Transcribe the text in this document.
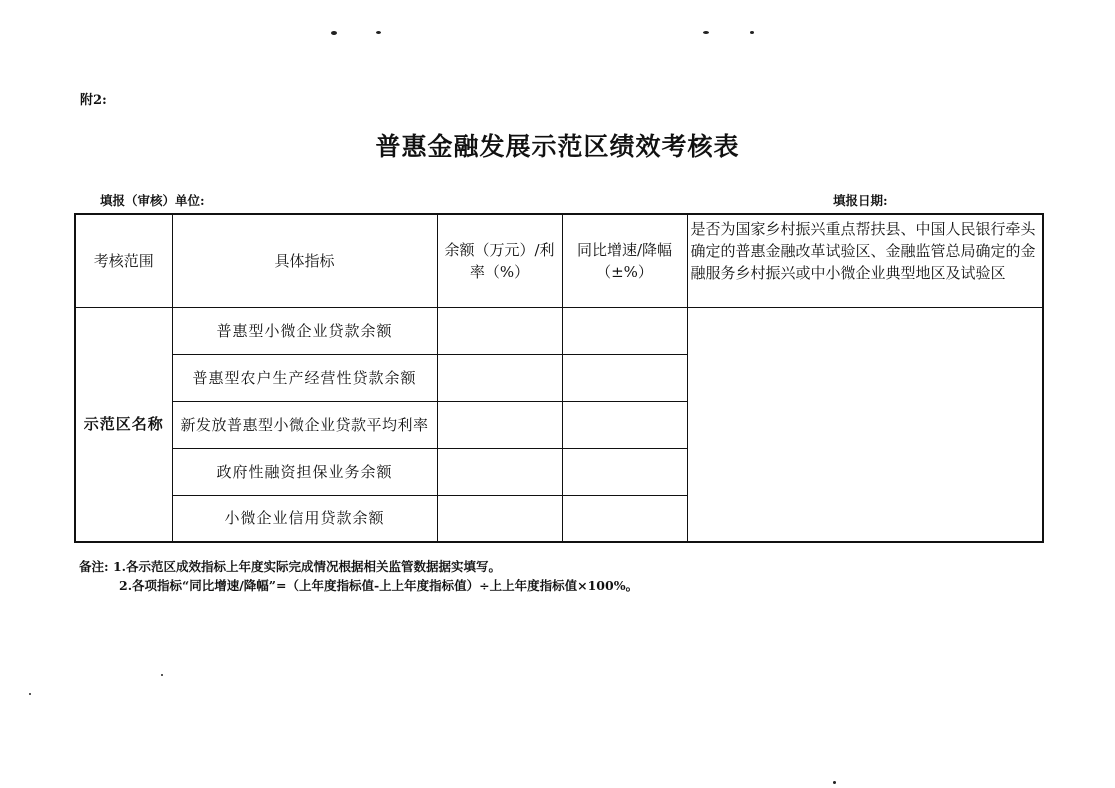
附2:
普惠金融发展示范区绩效考核表
填报（审核）单位:	填报日期:
考核范围	具体指标	余额（万元）/利率（%）	同比增速/降幅（±%）	是否为国家乡村振兴重点帮扶县、中国人民银行牵头确定的普惠金融改革试验区、金融监管总局确定的金融服务乡村振兴或中小微企业典型地区及试验区
示范区名称	普惠型小微企业贷款余额			
	普惠型农户生产经营性贷款余额			
	新发放普惠型小微企业贷款平均利率			
	政府性融资担保业务余额			
	小微企业信用贷款余额			
备注: 1.各示范区成效指标上年度实际完成情况根据相关监管数据据实填写。
2.各项指标“同比增速/降幅”=（上年度指标值-上上年度指标值）÷上上年度指标值×100%。
